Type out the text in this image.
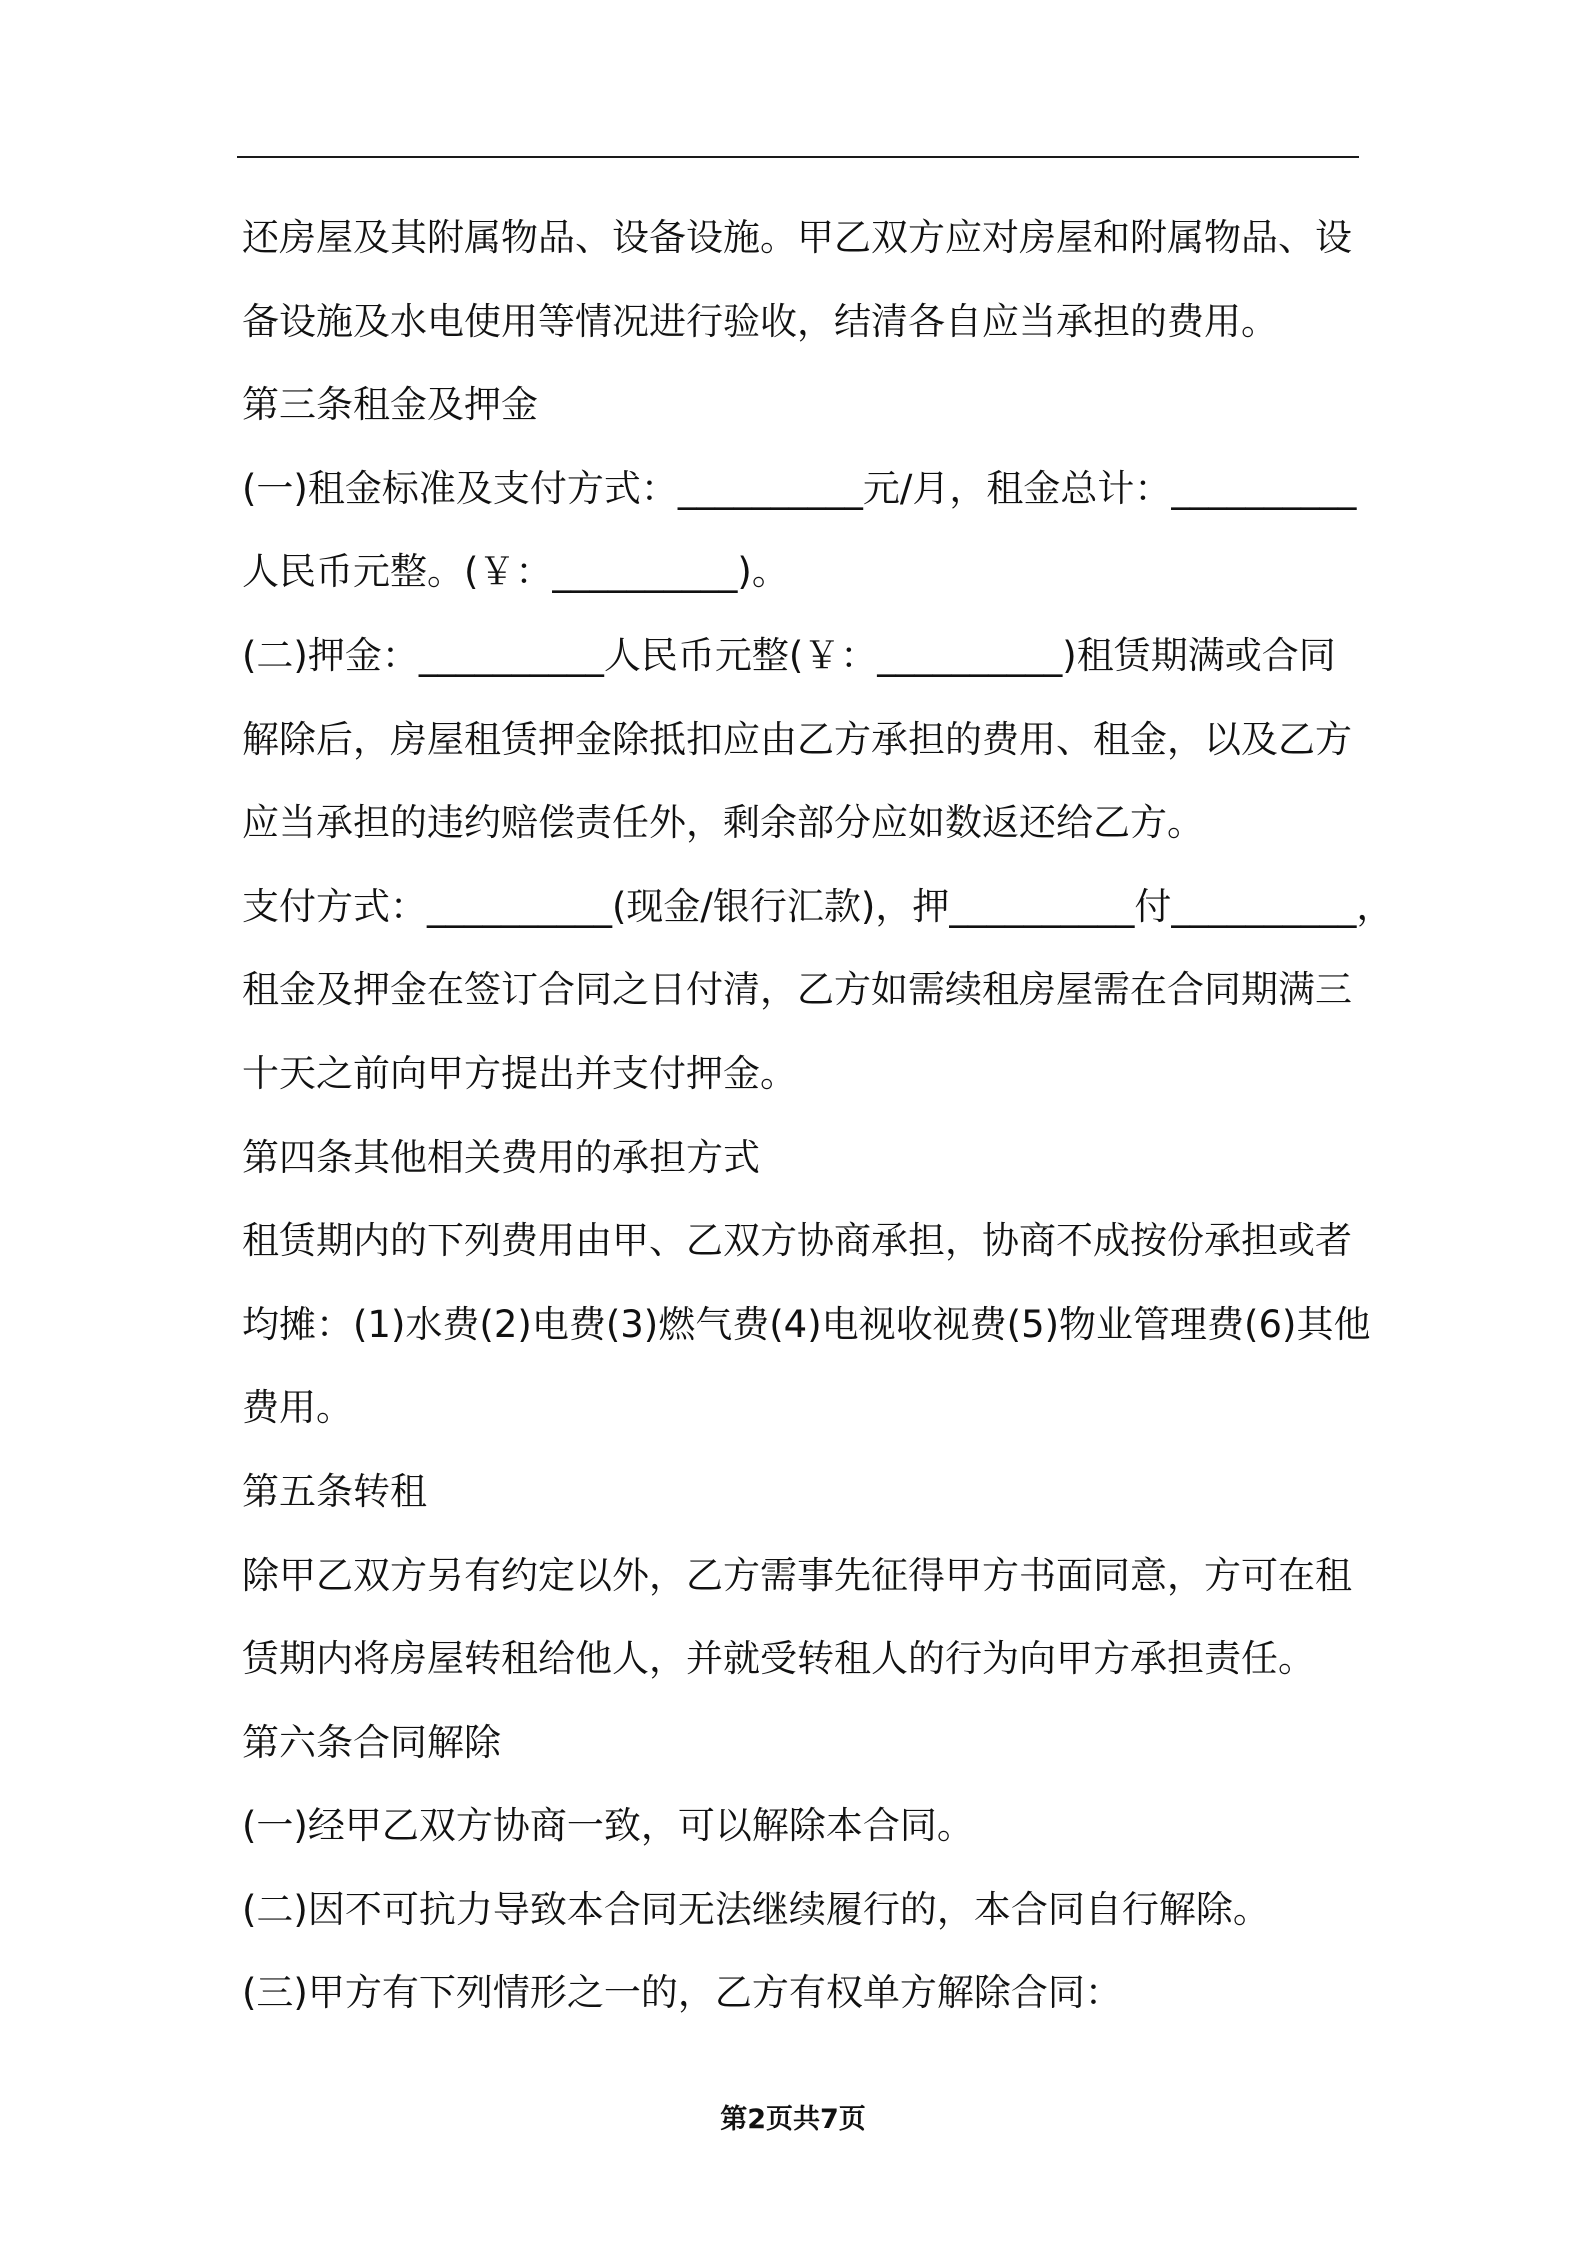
还房屋及其附属物品、设备设施。甲乙双方应对房屋和附属物品、设
备设施及水电使用等情况进行验收，结清各自应当承担的费用。
第三条租金及押金
(一)租金标准及支付方式：__________元/月，租金总计：__________
人民币元整。(￥：__________)。
(二)押金：__________人民币元整(￥：__________)租赁期满或合同
解除后，房屋租赁押金除抵扣应由乙方承担的费用、租金，以及乙方
应当承担的违约赔偿责任外，剩余部分应如数返还给乙方。
支付方式：__________(现金/银行汇款)，押__________付__________，
租金及押金在签订合同之日付清，乙方如需续租房屋需在合同期满三
十天之前向甲方提出并支付押金。
第四条其他相关费用的承担方式
租赁期内的下列费用由甲、乙双方协商承担，协商不成按份承担或者
均摊：(1)水费(2)电费(3)燃气费(4)电视收视费(5)物业管理费(6)其他
费用。
第五条转租
除甲乙双方另有约定以外，乙方需事先征得甲方书面同意，方可在租
赁期内将房屋转租给他人，并就受转租人的行为向甲方承担责任。
第六条合同解除
(一)经甲乙双方协商一致，可以解除本合同。
(二)因不可抗力导致本合同无法继续履行的，本合同自行解除。
(三)甲方有下列情形之一的，乙方有权单方解除合同：
第2页共7页
